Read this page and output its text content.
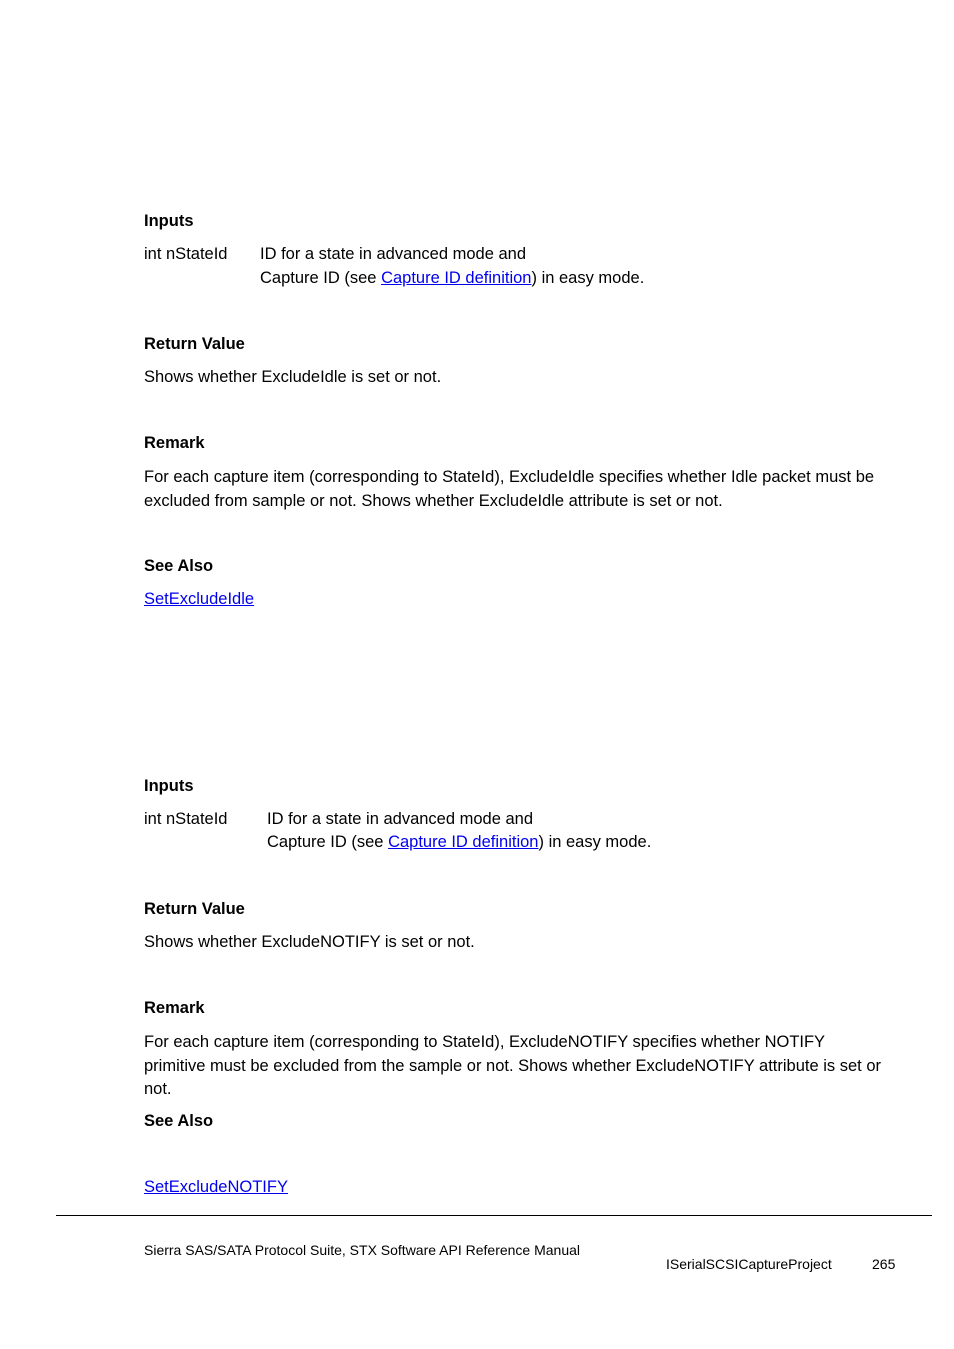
Inputs
int nStateId ID for a state in advanced mode and
Capture ID (see Capture ID definition) in easy mode.
Return Value
Shows whether ExcludeIdle is set or not.
Remark
For each capture item (corresponding to StateId), ExcludeIdle specifies whether Idle packet must be excluded from sample or not. Shows whether ExcludeIdle attribute is set or not.
See Also
SetExcludeIdle
Inputs
int nStateId ID for a state in advanced mode and
Capture ID (see Capture ID definition) in easy mode.
Return Value
Shows whether ExcludeNOTIFY is set or not.
Remark
For each capture item (corresponding to StateId), ExcludeNOTIFY specifies whether NOTIFY primitive must be excluded from the sample or not. Shows whether ExcludeNOTIFY attribute is set or not.
See Also
SetExcludeNOTIFY
Sierra SAS/SATA Protocol Suite, STX Software API Reference Manual
ISerialSCSICaptureProject	265
